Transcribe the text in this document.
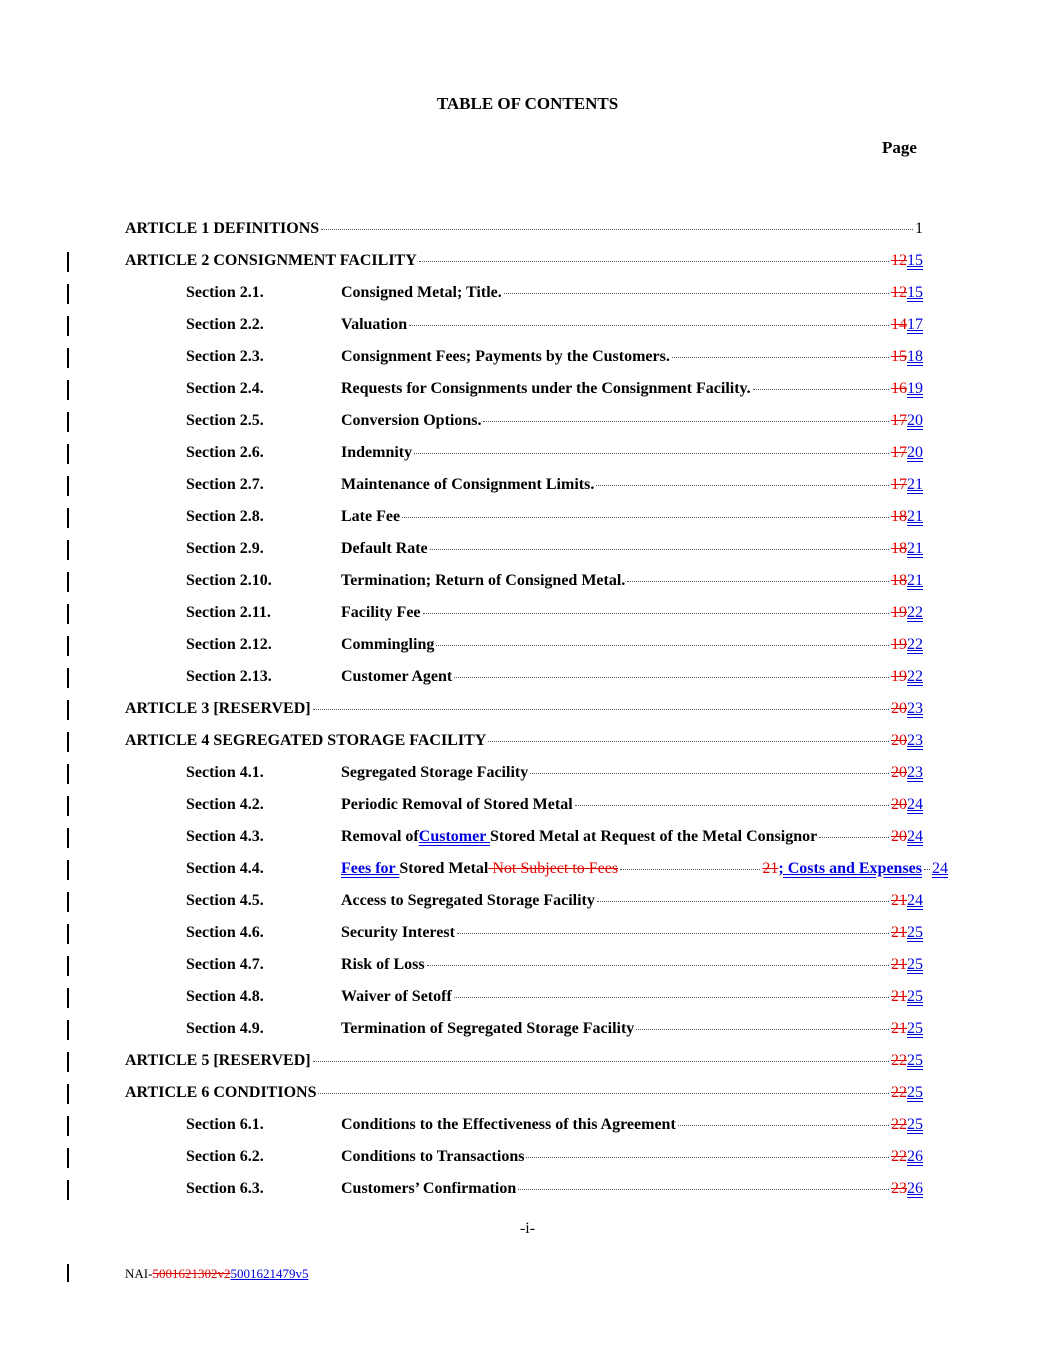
TABLE OF CONTENTS
Page
ARTICLE 1 DEFINITIONS	1
ARTICLE 2 CONSIGNMENT FACILITY	12 15
Section 2.1.	Consigned Metal; Title.	12 15
Section 2.2.	Valuation	14 17
Section 2.3.	Consignment Fees; Payments by the Customers.	15 18
Section 2.4.	Requests for Consignments under the Consignment Facility.	16 19
Section 2.5.	Conversion Options.	17 20
Section 2.6.	Indemnity	17 20
Section 2.7.	Maintenance of Consignment Limits.	17 21
Section 2.8.	Late Fee	18 21
Section 2.9.	Default Rate	18 21
Section 2.10.	Termination; Return of Consigned Metal.	18 21
Section 2.11.	Facility Fee	19 22
Section 2.12.	Commingling	19 22
Section 2.13.	Customer Agent	19 22
ARTICLE 3 [RESERVED]	20 23
ARTICLE 4 SEGREGATED STORAGE FACILITY	20 23
Section 4.1.	Segregated Storage Facility	20 23
Section 4.2.	Periodic Removal of Stored Metal	20 24
Section 4.3.	Removal of Customer Stored Metal at Request of the Metal Consignor	20 24
Section 4.4.	Fees for Stored Metal Not Subject to Fees	21 ; Costs and Expenses 24
Section 4.5.	Access to Segregated Storage Facility	21 24
Section 4.6.	Security Interest	21 25
Section 4.7.	Risk of Loss	21 25
Section 4.8.	Waiver of Setoff	21 25
Section 4.9.	Termination of Segregated Storage Facility	21 25
ARTICLE 5 [RESERVED]	22 25
ARTICLE 6 CONDITIONS	22 25
Section 6.1.	Conditions to the Effectiveness of this Agreement	22 25
Section 6.2.	Conditions to Transactions	22 26
Section 6.3.	Customers’ Confirmation	23 26
-i-
NAI-5001621302v25001621479v5
